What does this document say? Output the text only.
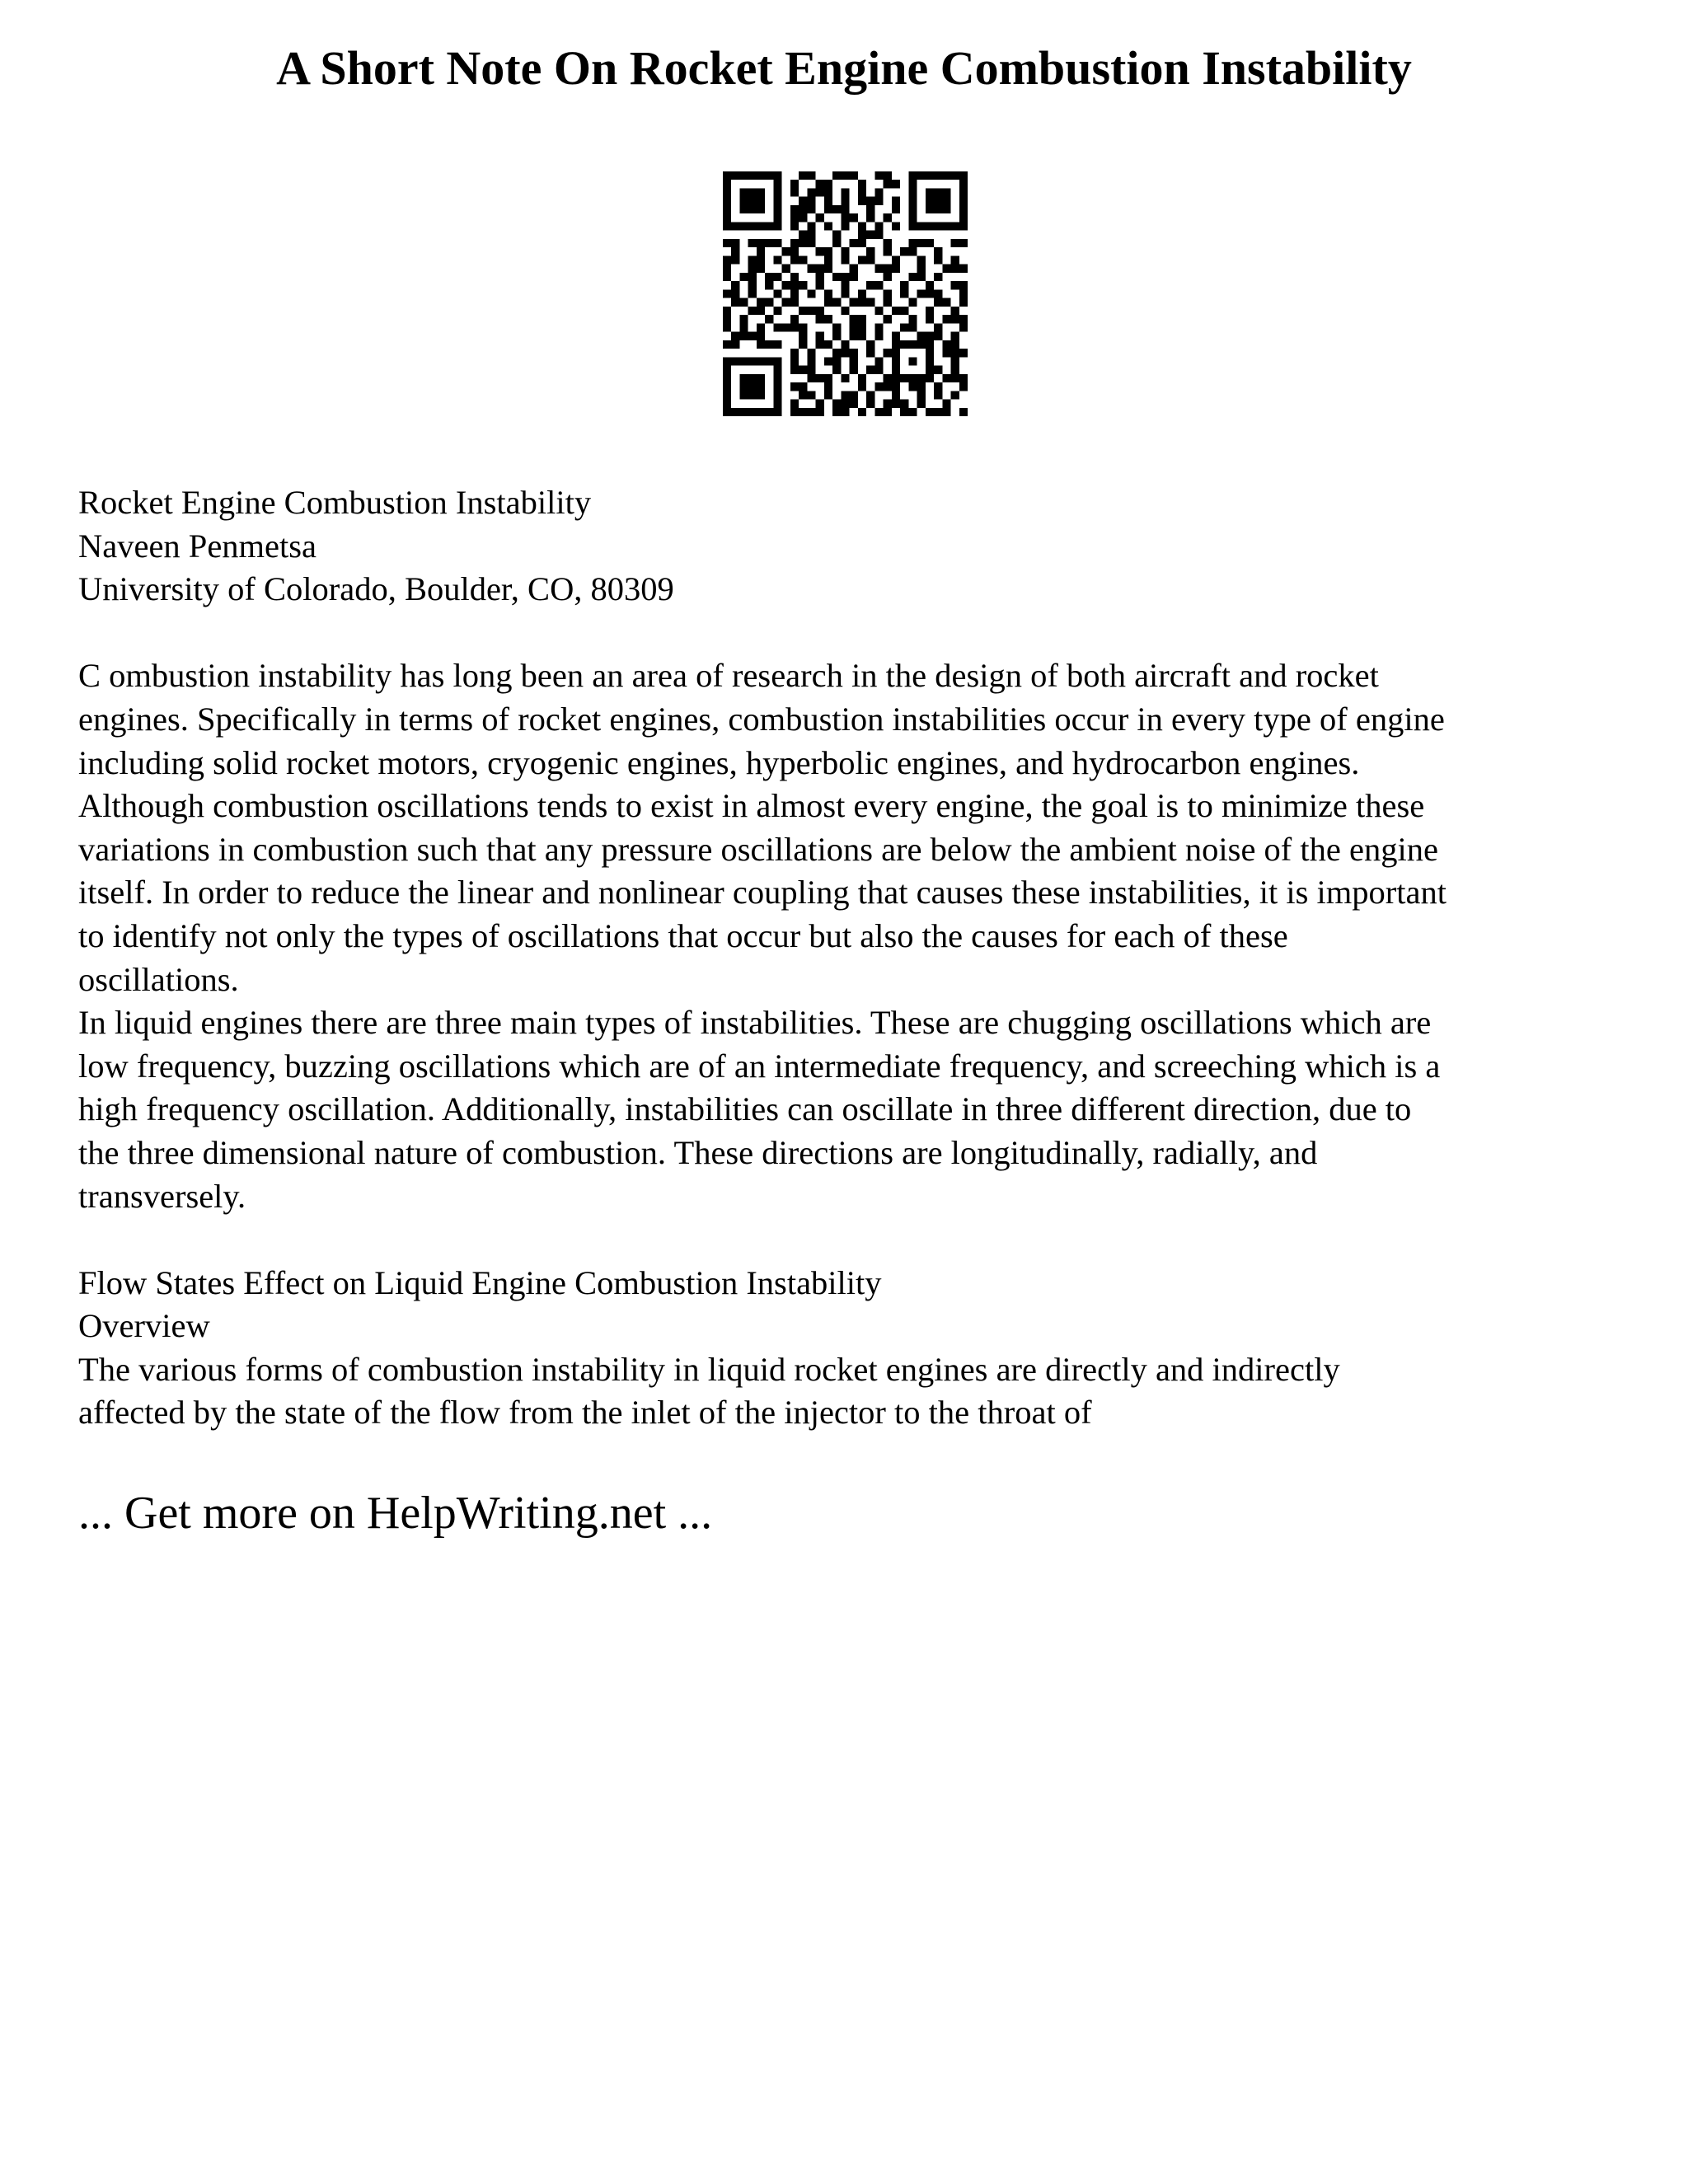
A Short Note On Rocket Engine Combustion Instability
Rocket Engine Combustion Instability
Naveen Penmetsa
University of Colorado, Boulder, CO, 80309
C ombustion instability has long been an area of research in the design of both aircraft and rocket
engines. Specifically in terms of rocket engines, combustion instabilities occur in every type of engine
including solid rocket motors, cryogenic engines, hyperbolic engines, and hydrocarbon engines.
Although combustion oscillations tends to exist in almost every engine, the goal is to minimize these
variations in combustion such that any pressure oscillations are below the ambient noise of the engine
itself. In order to reduce the linear and nonlinear coupling that causes these instabilities, it is important
to identify not only the types of oscillations that occur but also the causes for each of these
oscillations.
In liquid engines there are three main types of instabilities. These are chugging oscillations which are
low frequency, buzzing oscillations which are of an intermediate frequency, and screeching which is a
high frequency oscillation. Additionally, instabilities can oscillate in three different direction, due to
the three dimensional nature of combustion. These directions are longitudinally, radially, and
transversely.
Flow States Effect on Liquid Engine Combustion Instability
Overview
The various forms of combustion instability in liquid rocket engines are directly and indirectly
affected by the state of the flow from the inlet of the injector to the throat of
... Get more on HelpWriting.net ...
